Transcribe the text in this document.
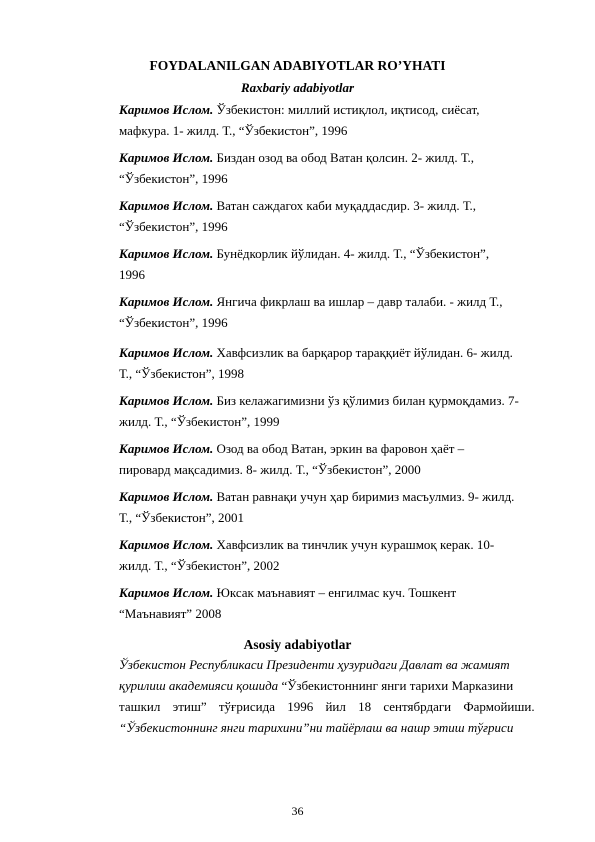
FOYDALANILGAN ADABIYOTLAR RO’YHATI
Raxbariy adabiyotlar
Каримов Ислом. Ўзбекистон: миллий истиқлол, иқтисод, сиёсат,
мафкура. 1- жилд. Т., “Ўзбекистон”, 1996
Каримов Ислом. Биздан озод ва обод Ватан қолсин. 2- жилд. Т.,
“Ўзбекистон”, 1996
Каримов Ислом. Ватан саждагох каби муқаддасдир. 3- жилд. Т.,
“Ўзбекистон”, 1996
Каримов Ислом. Бунёдкорлик йўлидан. 4- жилд. Т., “Ўзбекистон”,
1996
Каримов Ислом. Янгича фикрлаш ва ишлар – давр талаби. - жилд Т.,
“Ўзбекистон”, 1996
Каримов Ислом. Хавфсизлик ва барқарор тараққиёт йўлидан. 6- жилд.
Т., “Ўзбекистон”, 1998
Каримов Ислом. Биз келажагимизни ўз қўлимиз билан қурмоқдамиз. 7-
жилд. Т., “Ўзбекистон”, 1999
Каримов Ислом. Озод ва обод Ватан, эркин ва фаровон ҳаёт –
пировард мақсадимиз. 8- жилд. Т., “Ўзбекистон”, 2000
Каримов Ислом. Ватан равнақи учун ҳар биримиз масъулмиз. 9- жилд.
Т., “Ўзбекистон”, 2001
Каримов Ислом. Хавфсизлик ва тинчлик учун курашмоқ керак. 10-
жилд. Т., “Ўзбекистон”, 2002
Каримов Ислом. Юксак маънавият – енгилмас куч. Тошкент
“Маънавият” 2008
Asosiy adabiyotlar
Ўзбекистон Республикаси Президенти ҳузуридаги Давлат ва жамият
қурилиш академияси қошида “Ўзбекистоннинг янги тарихи Марказини
ташкил этиш” тўғрисида 1996 йил 18 сентябрдаги Фармойиши.
“Ўзбекистоннинг янги тарихини”ни тайёрлаш ва нашр этиш тўғриси
36
